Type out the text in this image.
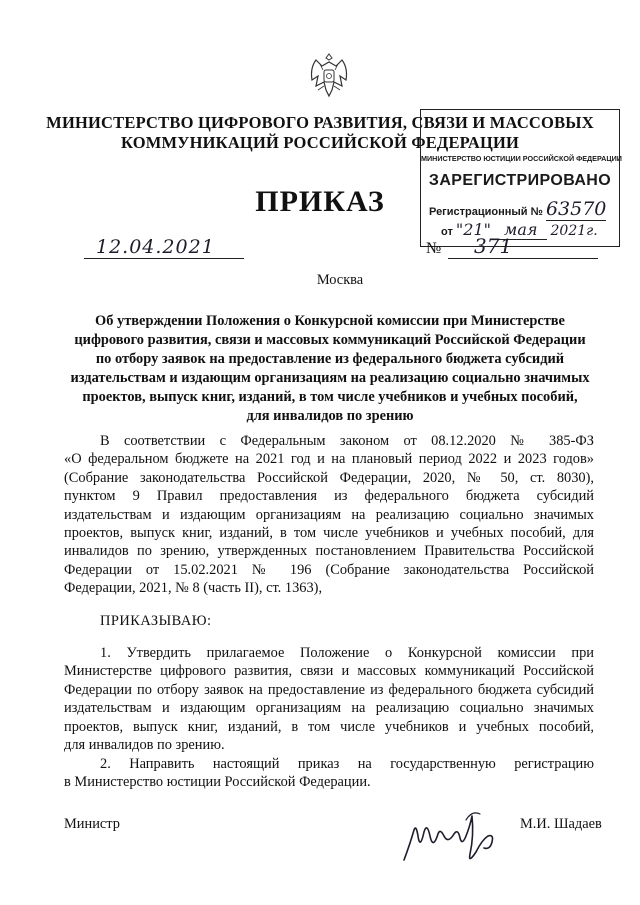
МИНИСТЕРСТВО ЦИФРОВОГО РАЗВИТИЯ, СВЯЗИ И МАССОВЫХ
КОММУНИКАЦИЙ РОССИЙСКОЙ ФЕДЕРАЦИИ
МИНИСТЕРСТВО ЮСТИЦИИ РОССИЙСКОЙ ФЕДЕРАЦИИ
ЗАРЕГИСТРИРОВАНО
Регистрационный № 63570
от "21" мая 2021г.
ПРИКАЗ
12.04.2021	№ 371
Москва
Об утверждении Положения о Конкурсной комиссии при Министерстве
цифрового развития, связи и массовых коммуникаций Российской Федерации
по отбору заявок на предоставление из федерального бюджета субсидий
издательствам и издающим организациям на реализацию социально значимых
проектов, выпуск книг, изданий, в том числе учебников и учебных пособий,
для инвалидов по зрению
В соответствии с Федеральным законом от 08.12.2020 № 385-ФЗ
«О федеральном бюджете на 2021 год и на плановый период 2022 и 2023 годов»
(Собрание законодательства Российской Федерации, 2020, № 50, ст. 8030),
пунктом 9 Правил предоставления из федерального бюджета субсидий
издательствам и издающим организациям на реализацию социально значимых
проектов, выпуск книг, изданий, в том числе учебников и учебных пособий, для
инвалидов по зрению, утвержденных постановлением Правительства Российской
Федерации от 15.02.2021 № 196 (Собрание законодательства Российской
Федерации, 2021, № 8 (часть II), ст. 1363),
ПРИКАЗЫВАЮ:
1. Утвердить прилагаемое Положение о Конкурсной комиссии при
Министерстве цифрового развития, связи и массовых коммуникаций Российской
Федерации по отбору заявок на предоставление из федерального бюджета субсидий
издательствам и издающим организациям на реализацию социально значимых
проектов, выпуск книг, изданий, в том числе учебников и учебных пособий,
для инвалидов по зрению.
2. Направить настоящий приказ на государственную регистрацию
в Министерство юстиции Российской Федерации.
Министр	М.И. Шадаев
